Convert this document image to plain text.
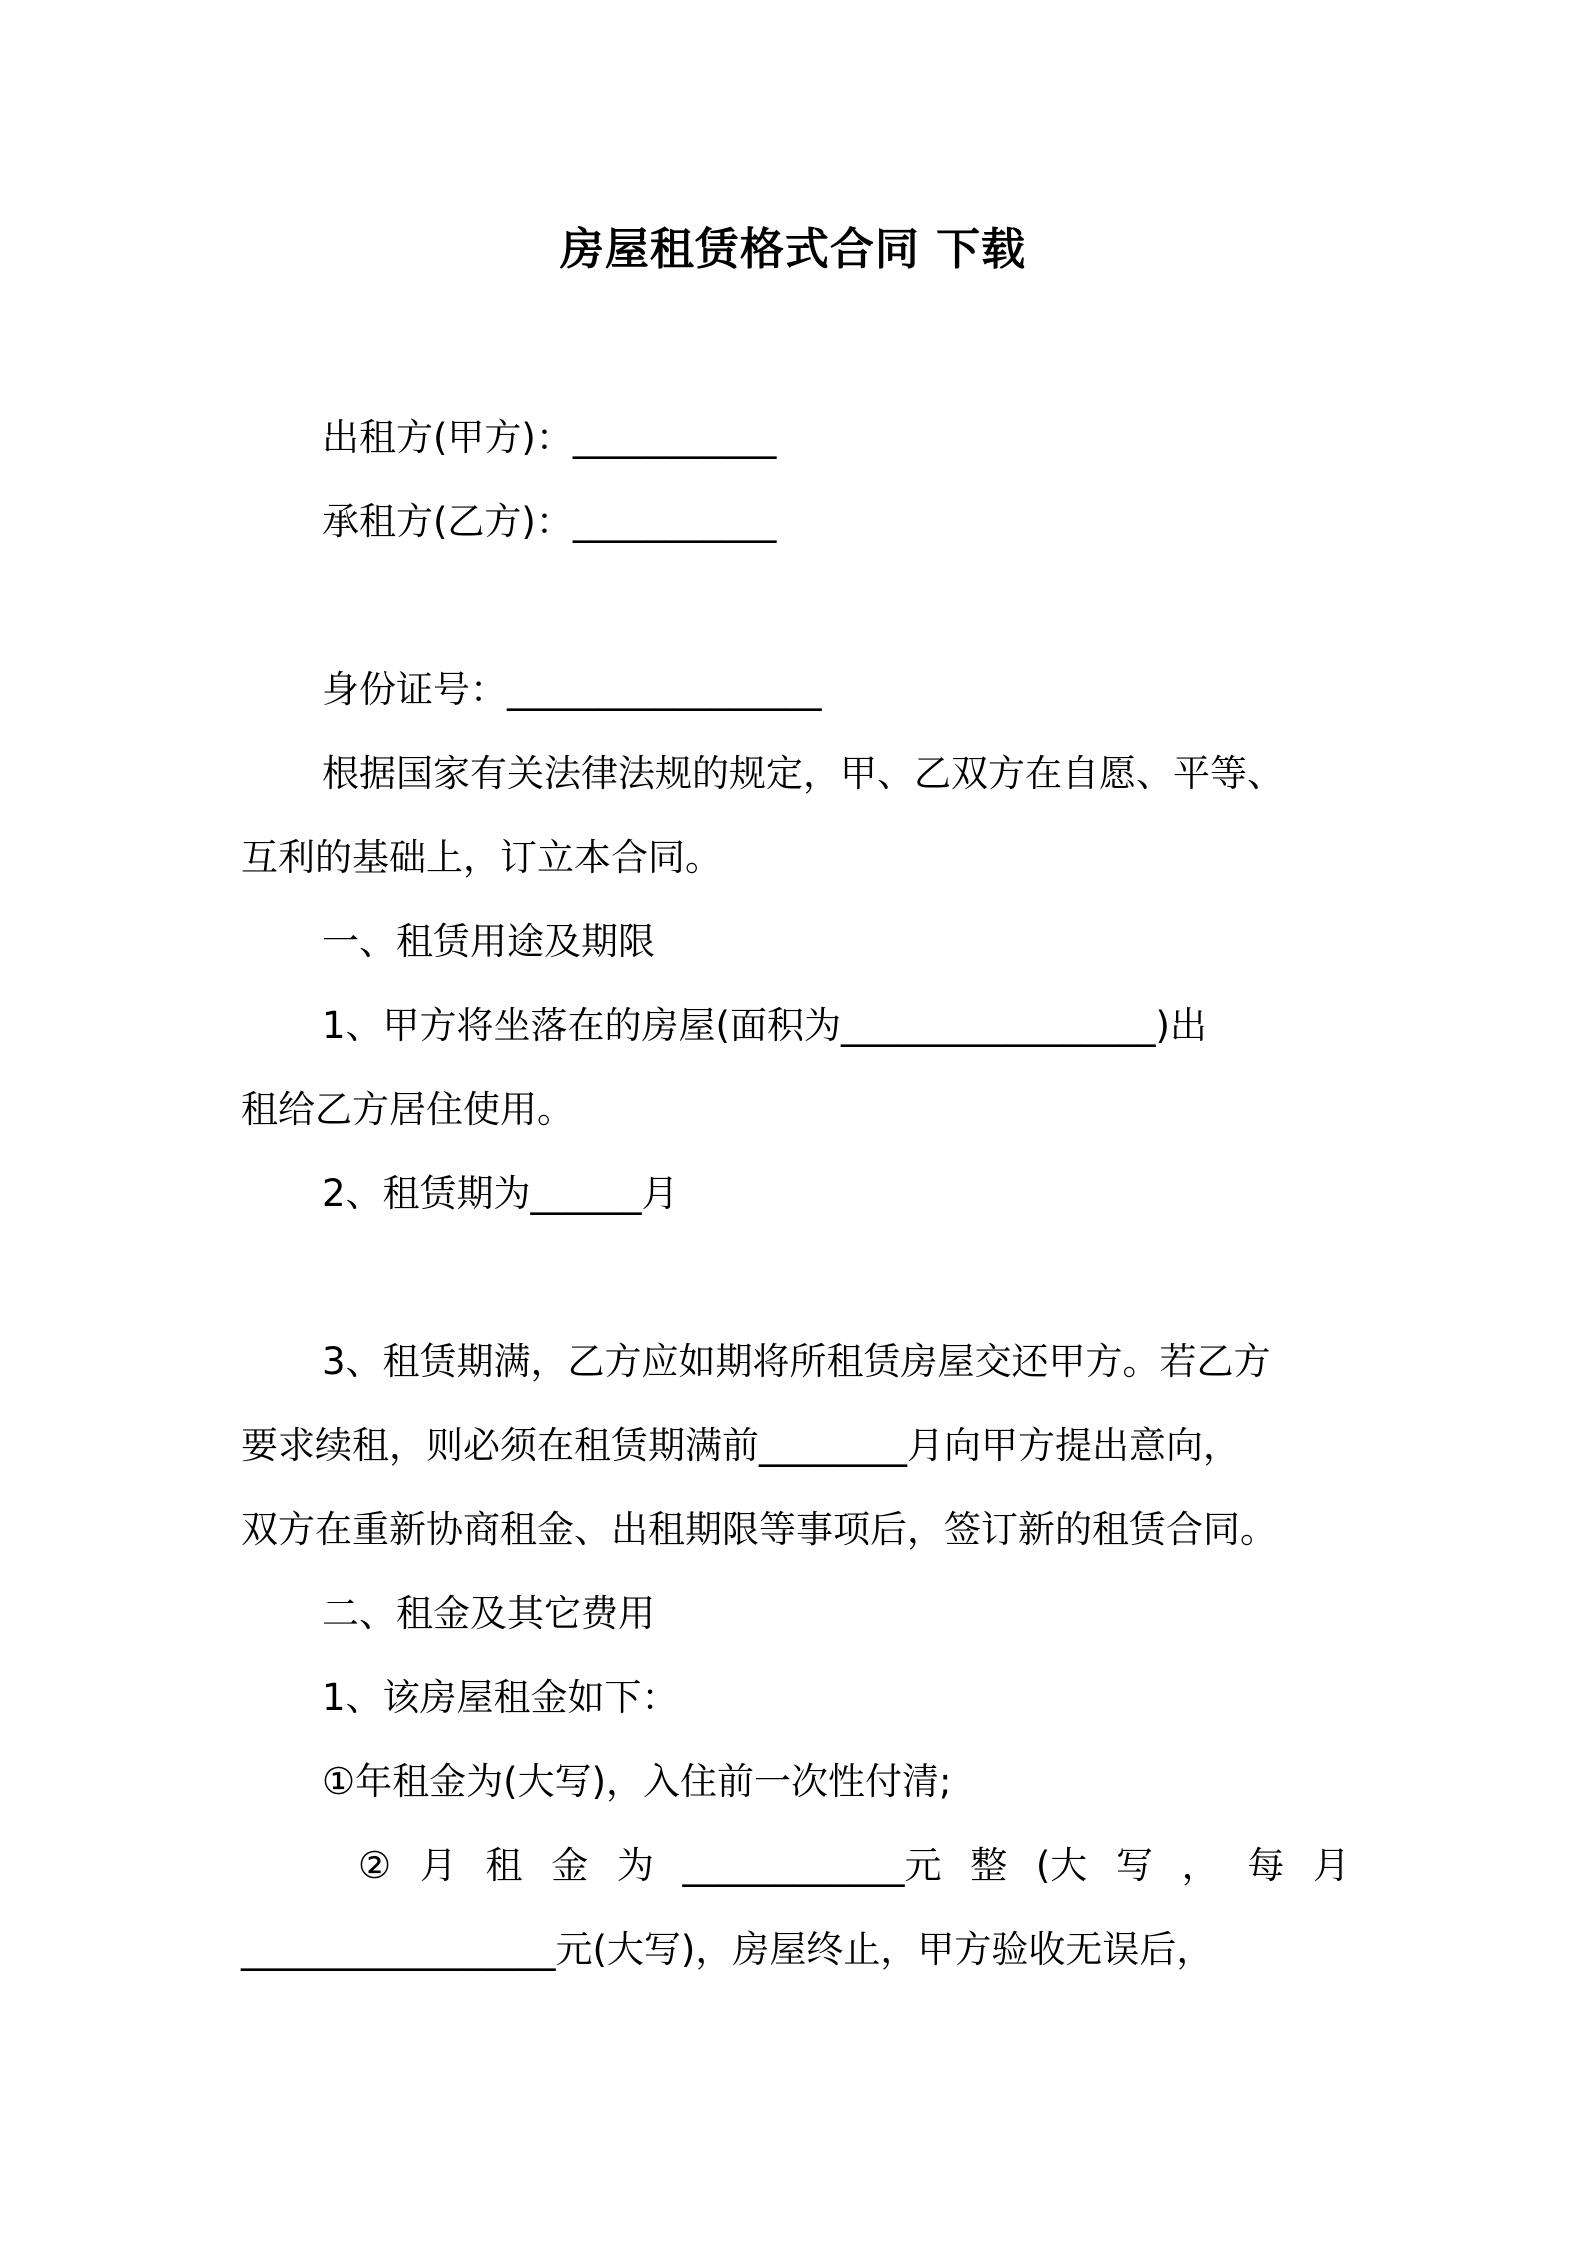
房屋租赁格式合同 下载
出租方(甲方)：___________
承租方(乙方)：___________
身份证号：_________________
根据国家有关法律法规的规定，甲、乙双方在自愿、平等、
互利的基础上，订立本合同。
一、租赁用途及期限
1、甲方将坐落在的房屋(面积为_________________)出
租给乙方居住使用。
2、租赁期为______月
3、租赁期满，乙方应如期将所租赁房屋交还甲方。若乙方
要求续租，则必须在租赁期满前________月向甲方提出意向，
双方在重新协商租金、出租期限等事项后，签订新的租赁合同。
二、租金及其它费用
1、该房屋租金如下：
①年租金为(大写)，入住前一次性付清;
② 月 租 金 为 ____________元 整 (大 写 ， 每 月
_________________元(大写)，房屋终止，甲方验收无误后，
